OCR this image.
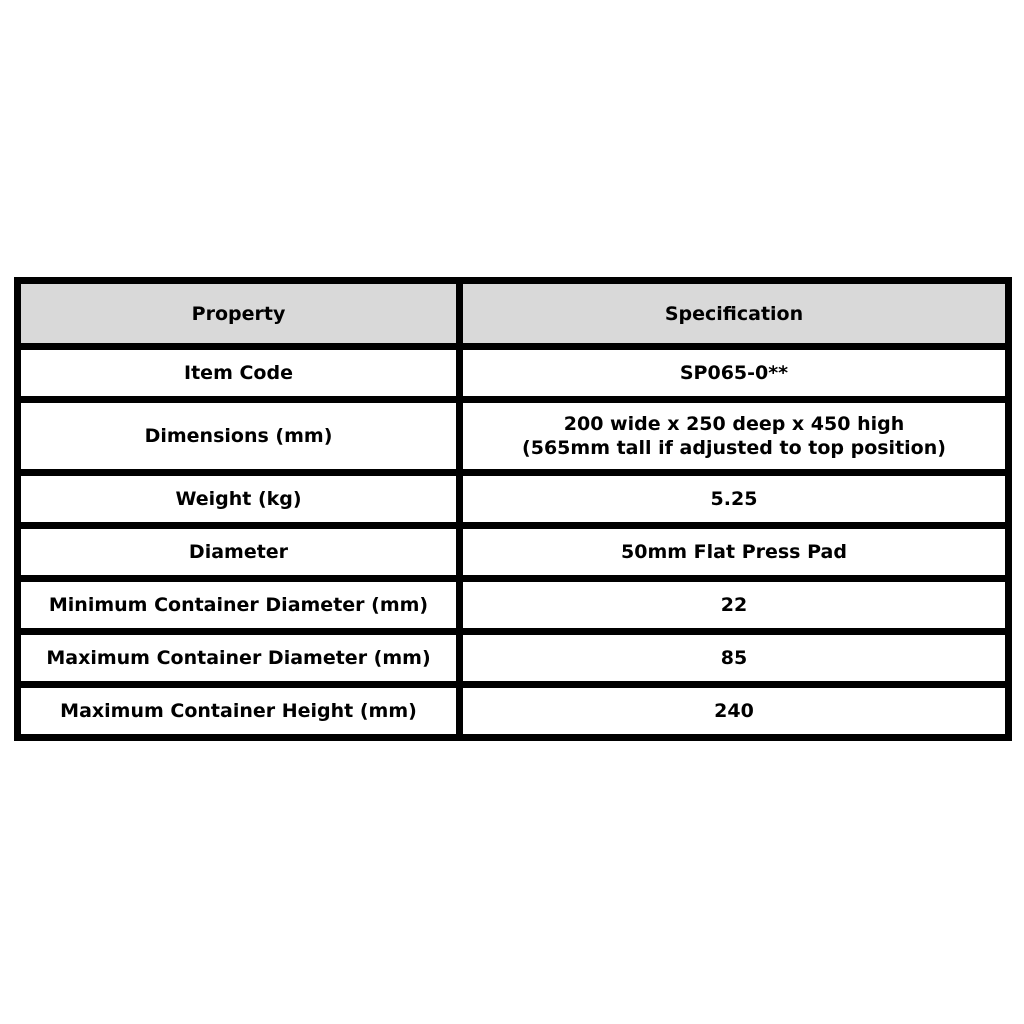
Property	Specification
Item Code	SP065-0**
Dimensions (mm)	200 wide x 250 deep x 450 high
(565mm tall if adjusted to top position)

Weight (kg)	5.25
Diameter	50mm Flat Press Pad
Minimum Container Diameter (mm)	22
Maximum Container Diameter (mm)	85
Maximum Container Height (mm)	240
